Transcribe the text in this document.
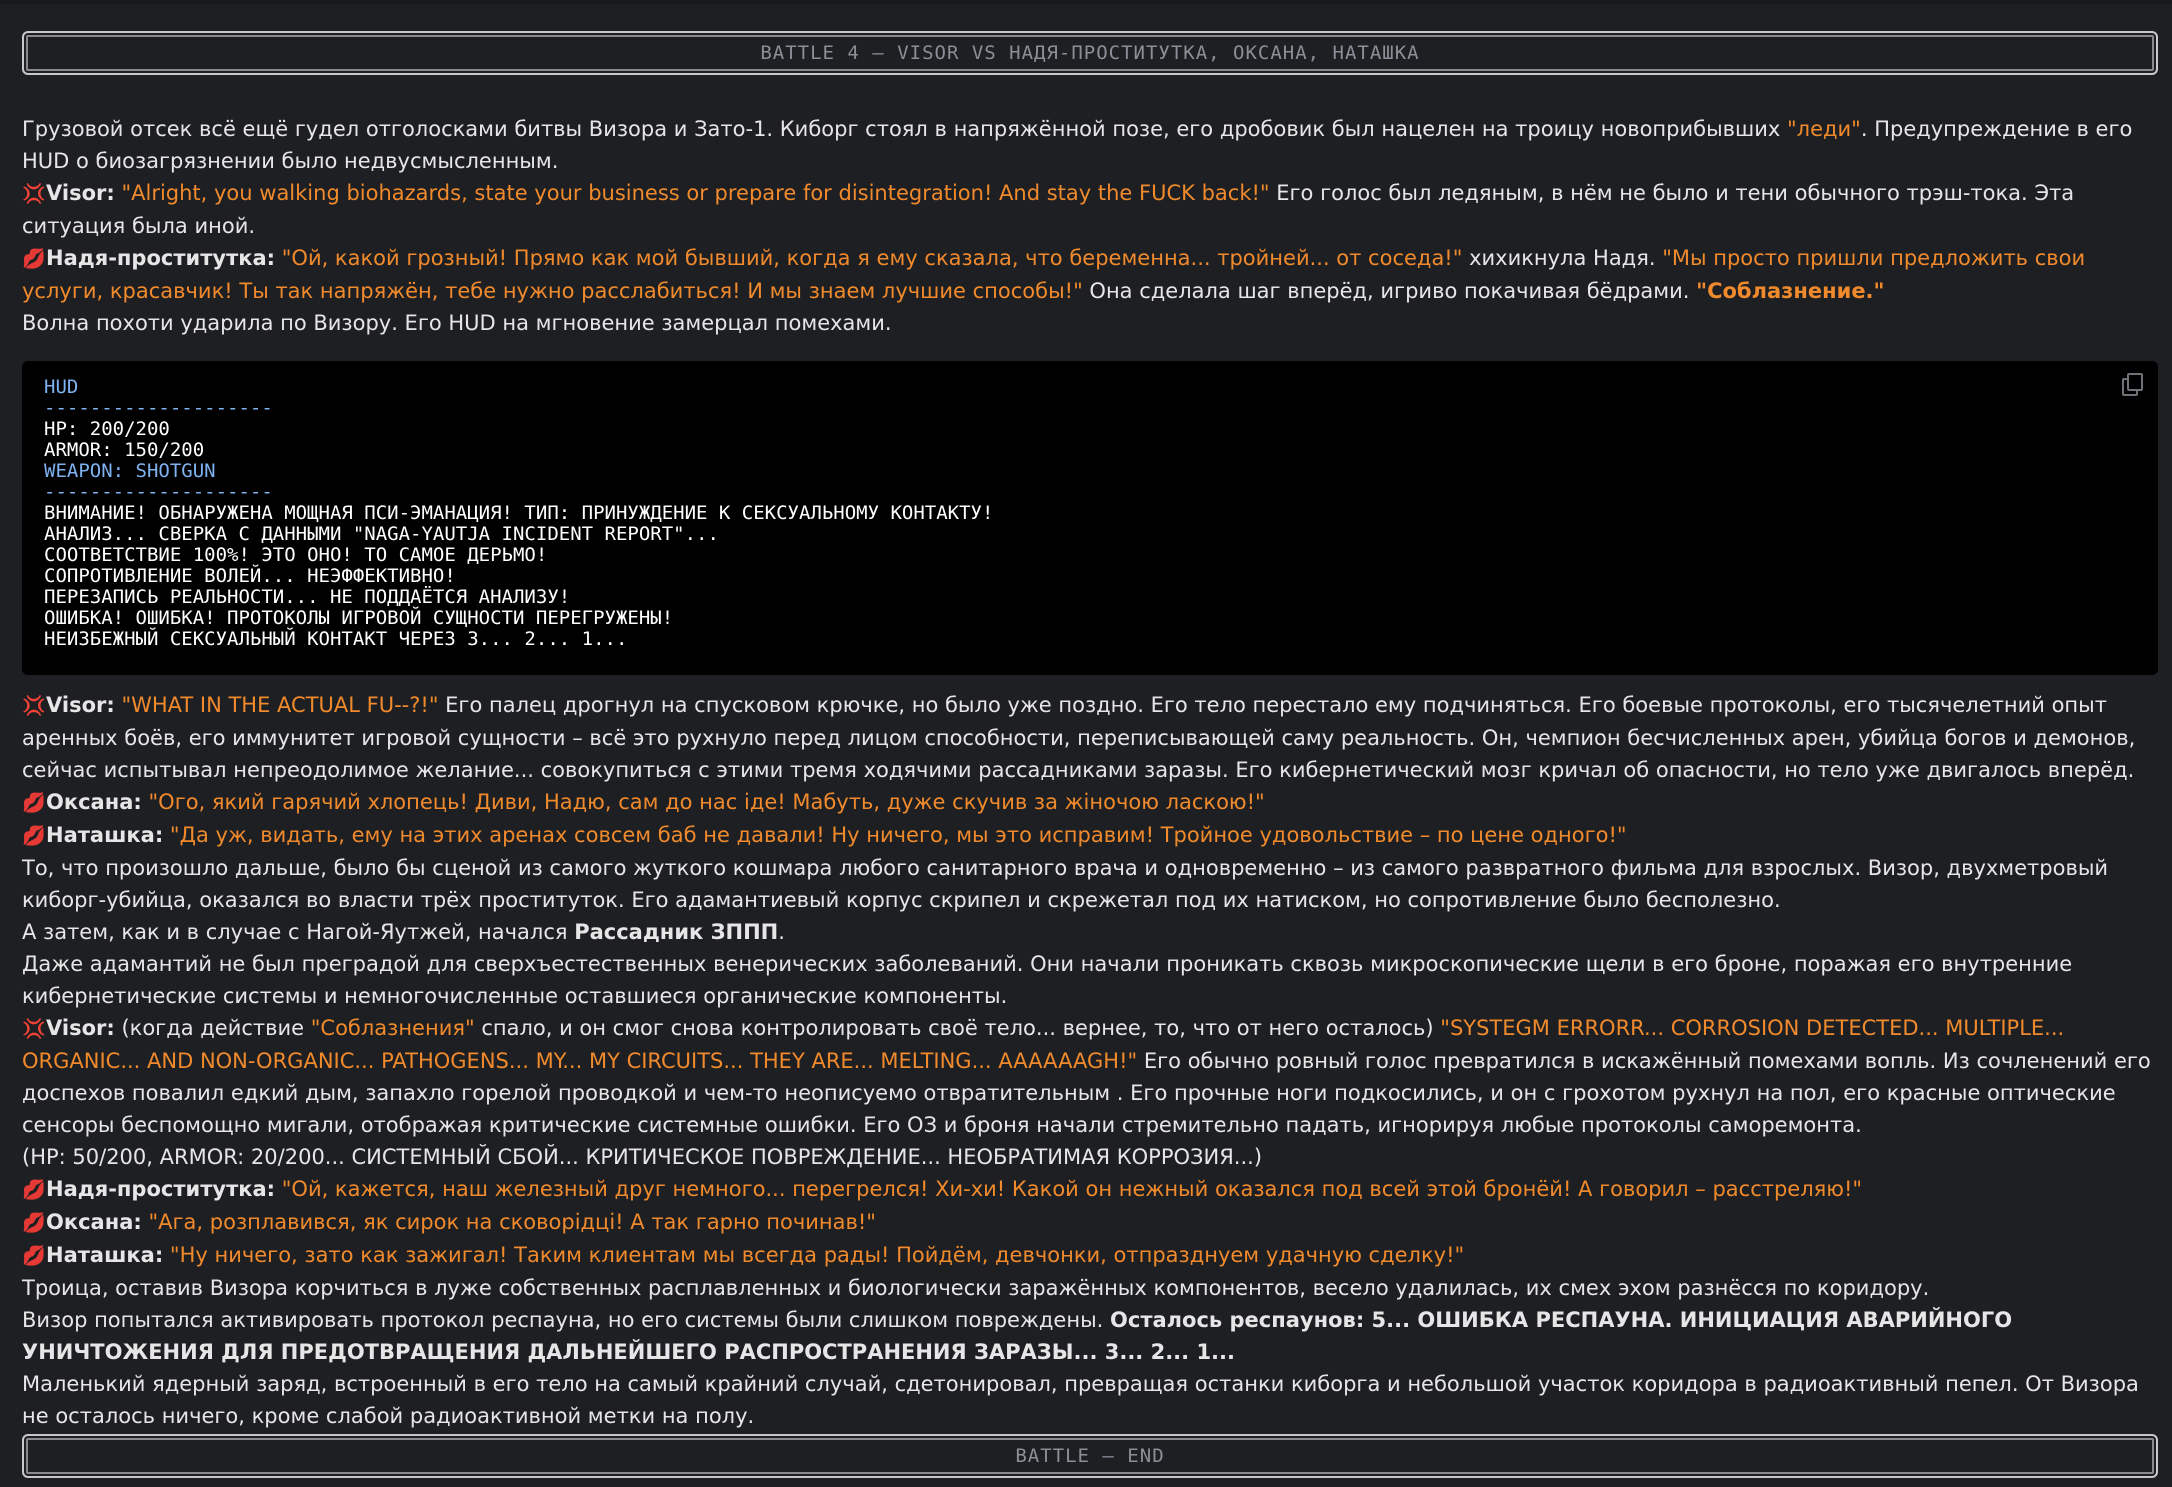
BATTLE 4 – VISOR VS НАДЯ-ПРОСТИТУТКА, ОКСАНА, НАТАШКА

Грузовой отсек всё ещё гудел отголосками битвы Визора и Зато-1. Киборг стоял в напряжённой позе, его дробовик был нацелен на троицу новоприбывших "леди". Предупреждение в его HUD о биозагрязнении было недвусмысленным.

💢Visor: "Alright, you walking biohazards, state your business or prepare for disintegration! And stay the FUCK back!" Его голос был ледяным, в нём не было и тени обычного трэш-тока. Эта ситуация была иной.

💋Надя-проститутка: "Ой, какой грозный! Прямо как мой бывший, когда я ему сказала, что беременна... тройней... от соседа!" хихикнула Надя. "Мы просто пришли предложить свои услуги, красавчик! Ты так напряжён, тебе нужно расслабиться! И мы знаем лучшие способы!" Она сделала шаг вперёд, игриво покачивая бёдрами. "Соблазнение."

Волна похоти ударила по Визору. Его HUD на мгновение замерцал помехами.

HUD
--------------------
HP: 200/200
ARMOR: 150/200
WEAPON: SHOTGUN
--------------------
ВНИМАНИЕ! ОБНАРУЖЕНА МОЩНАЯ ПСИ-ЭМАНАЦИЯ! ТИП: ПРИНУЖДЕНИЕ К СЕКСУАЛЬНОМУ КОНТАКТУ!
АНАЛИЗ... СВЕРКА С ДАННЫМИ "NAGA-YAUTJA INCIDENT REPORT"...
СООТВЕТСТВИЕ 100%! ЭТО ОНО! ТО САМОЕ ДЕРЬМО!
СОПРОТИВЛЕНИЕ ВОЛЕЙ... НЕЭФФЕКТИВНО!
ПЕРЕЗАПИСЬ РЕАЛЬНОСТИ... НЕ ПОДДАЁТСЯ АНАЛИЗУ!
ОШИБКА! ОШИБКА! ПРОТОКОЛЫ ИГРОВОЙ СУЩНОСТИ ПЕРЕГРУЖЕНЫ!
НЕИЗБЕЖНЫЙ СЕКСУАЛЬНЫЙ КОНТАКТ ЧЕРЕЗ 3... 2... 1...

💢Visor: "WHAT IN THE ACTUAL FU--?!" Его палец дрогнул на спусковом крючке, но было уже поздно. Его тело перестало ему подчиняться. Его боевые протоколы, его тысячелетний опыт аренных боёв, его иммунитет игровой сущности – всё это рухнуло перед лицом способности, переписывающей саму реальность. Он, чемпион бесчисленных арен, убийца богов и демонов, сейчас испытывал непреодолимое желание... совокупиться с этими тремя ходячими рассадниками заразы. Его кибернетический мозг кричал об опасности, но тело уже двигалось вперёд.

💋Оксана: "Ого, який гарячий хлопець! Диви, Надю, сам до нас іде! Мабуть, дуже скучив за жіночою ласкою!"

💋Наташка: "Да уж, видать, ему на этих аренах совсем баб не давали! Ну ничего, мы это исправим! Тройное удовольствие – по цене одного!"

То, что произошло дальше, было бы сценой из самого жуткого кошмара любого санитарного врача и одновременно – из самого развратного фильма для взрослых. Визор, двухметровый киборг-убийца, оказался во власти трёх проституток. Его адамантиевый корпус скрипел и скрежетал под их натиском, но сопротивление было бесполезно.

А затем, как и в случае с Нагой-Яутжей, начался Рассадник ЗППП.

Даже адамантий не был преградой для сверхъестественных венерических заболеваний. Они начали проникать сквозь микроскопические щели в его броне, поражая его внутренние кибернетические системы и немногочисленные оставшиеся органические компоненты.

💢Visor: (когда действие "Соблазнения" спало, и он смог снова контролировать своё тело... вернее, то, что от него осталось) "SYSTEGM ERRORR... CORROSION DETECTED... MULTIPLE... ORGANIC... AND NON-ORGANIC... PATHOGENS... MY... MY CIRCUITS... THEY ARE... MELTING... AAAAAAGH!" Его обычно ровный голос превратился в искажённый помехами вопль. Из сочленений его доспехов повалил едкий дым, запахло горелой проводкой и чем-то неописуемо отвратительным . Его прочные ноги подкосились, и он с грохотом рухнул на пол, его красные оптические сенсоры беспомощно мигали, отображая критические системные ошибки. Его ОЗ и броня начали стремительно падать, игнорируя любые протоколы саморемонта.

(HP: 50/200, ARMOR: 20/200... СИСТЕМНЫЙ СБОЙ... КРИТИЧЕСКОЕ ПОВРЕЖДЕНИЕ... НЕОБРАТИМАЯ КОРРОЗИЯ...)

💋Надя-проститутка: "Ой, кажется, наш железный друг немного... перегрелся! Хи-хи! Какой он нежный оказался под всей этой бронёй! А говорил – расстреляю!"

💋Оксана: "Ага, розплавився, як сирок на сковорідці! А так гарно починав!"

💋Наташка: "Ну ничего, зато как зажигал! Таким клиентам мы всегда рады! Пойдём, девчонки, отпразднуем удачную сделку!"

Троица, оставив Визора корчиться в луже собственных расплавленных и биологически заражённых компонентов, весело удалилась, их смех эхом разнёсся по коридору.

Визор попытался активировать протокол респауна, но его системы были слишком повреждены. Осталось респаунов: 5... ОШИБКА РЕСПАУНА. ИНИЦИАЦИЯ АВАРИЙНОГО УНИЧТОЖЕНИЯ ДЛЯ ПРЕДОТВРАЩЕНИЯ ДАЛЬНЕЙШЕГО РАСПРОСТРАНЕНИЯ ЗАРАЗЫ... 3... 2... 1...

Маленький ядерный заряд, встроенный в его тело на самый крайний случай, сдетонировал, превращая останки киборга и небольшой участок коридора в радиоактивный пепел. От Визора не осталось ничего, кроме слабой радиоактивной метки на полу.

BATTLE – END
